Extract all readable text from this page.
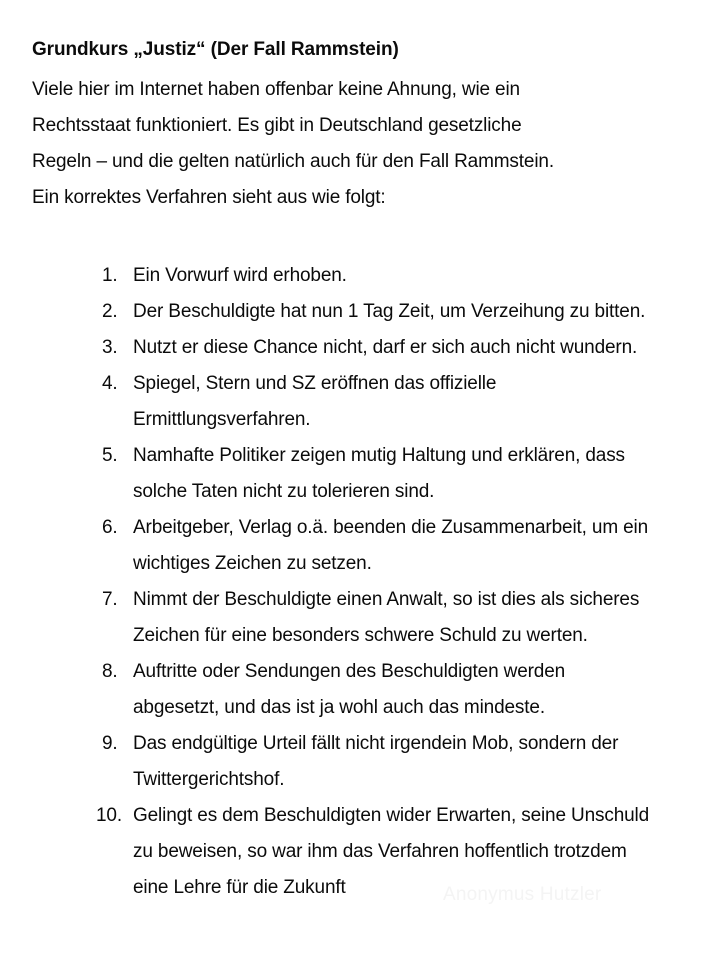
Grundkurs „Justiz“ (Der Fall Rammstein)
Viele hier im Internet haben offenbar keine Ahnung, wie ein
Rechtsstaat funktioniert. Es gibt in Deutschland gesetzliche
Regeln – und die gelten natürlich auch für den Fall Rammstein.
Ein korrektes Verfahren sieht aus wie folgt:
1. Ein Vorwurf wird erhoben.
2. Der Beschuldigte hat nun 1 Tag Zeit, um Verzeihung zu bitten.
3. Nutzt er diese Chance nicht, darf er sich auch nicht wundern.
4. Spiegel, Stern und SZ eröffnen das offizielle
Ermittlungsverfahren.
5. Namhafte Politiker zeigen mutig Haltung und erklären, dass
solche Taten nicht zu tolerieren sind.
6. Arbeitgeber, Verlag o.ä. beenden die Zusammenarbeit, um ein
wichtiges Zeichen zu setzen.
7. Nimmt der Beschuldigte einen Anwalt, so ist dies als sicheres
Zeichen für eine besonders schwere Schuld zu werten.
8. Auftritte oder Sendungen des Beschuldigten werden
abgesetzt, und das ist ja wohl auch das mindeste.
9. Das endgültige Urteil fällt nicht irgendein Mob, sondern der
Twittergerichtshof.
10. Gelingt es dem Beschuldigten wider Erwarten, seine Unschuld
zu beweisen, so war ihm das Verfahren hoffentlich trotzdem
eine Lehre für die Zukunft	Anonymus Hutzler
